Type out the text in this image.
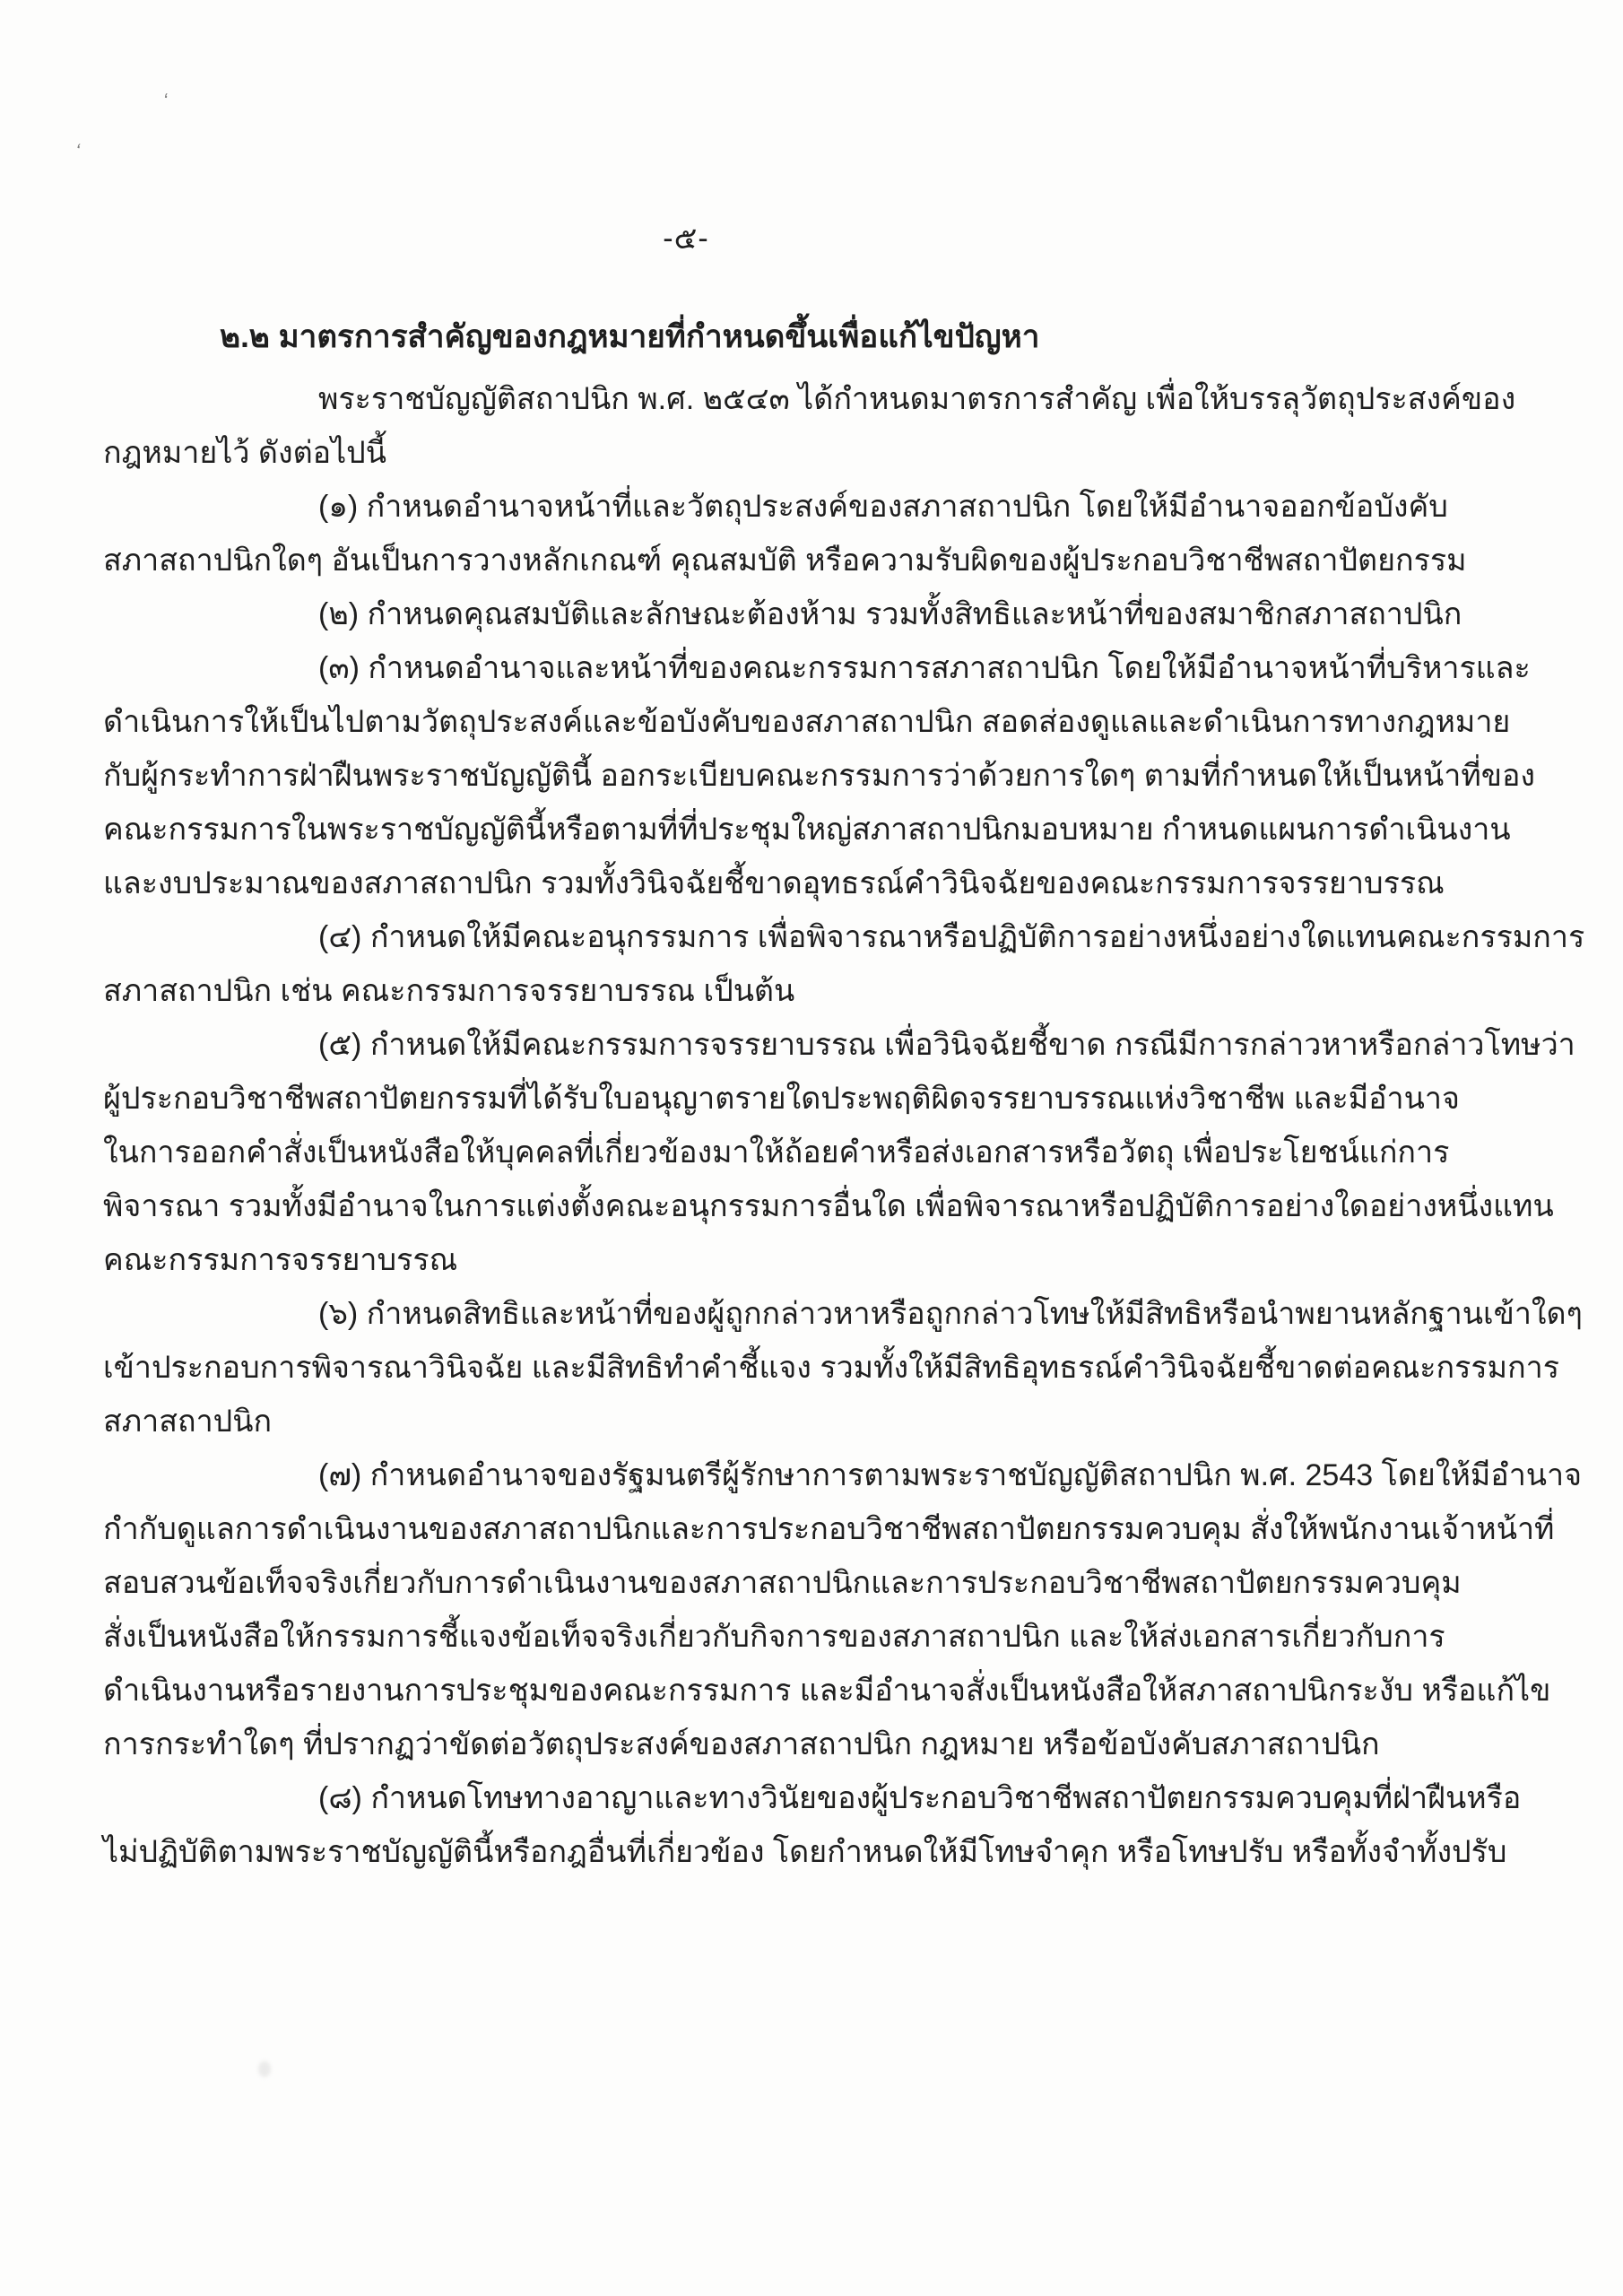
ʻ
ʻ
-๕-
๒.๒ มาตรการสำคัญของกฎหมายที่กำหนดขึ้นเพื่อแก้ไขปัญหา
พระราชบัญญัติสถาปนิก พ.ศ. ๒๕๔๓ ได้กำหนดมาตรการสำคัญ เพื่อให้บรรลุวัตถุประสงค์ของ
กฎหมายไว้ ดังต่อไปนี้
(๑) กำหนดอำนาจหน้าที่และวัตถุประสงค์ของสภาสถาปนิก โดยให้มีอำนาจออกข้อบังคับ
สภาสถาปนิกใดๆ อันเป็นการวางหลักเกณฑ์ คุณสมบัติ หรือความรับผิดของผู้ประกอบวิชาชีพสถาปัตยกรรม
(๒) กำหนดคุณสมบัติและลักษณะต้องห้าม รวมทั้งสิทธิและหน้าที่ของสมาชิกสภาสถาปนิก
(๓) กำหนดอำนาจและหน้าที่ของคณะกรรมการสภาสถาปนิก โดยให้มีอำนาจหน้าที่บริหารและ
ดำเนินการให้เป็นไปตามวัตถุประสงค์และข้อบังคับของสภาสถาปนิก สอดส่องดูแลและดำเนินการทางกฎหมาย
กับผู้กระทำการฝ่าฝืนพระราชบัญญัตินี้ ออกระเบียบคณะกรรมการว่าด้วยการใดๆ ตามที่กำหนดให้เป็นหน้าที่ของ
คณะกรรมการในพระราชบัญญัตินี้หรือตามที่ที่ประชุมใหญ่สภาสถาปนิกมอบหมาย กำหนดแผนการดำเนินงาน
และงบประมาณของสภาสถาปนิก รวมทั้งวินิจฉัยชี้ขาดอุทธรณ์คำวินิจฉัยของคณะกรรมการจรรยาบรรณ
(๔) กำหนดให้มีคณะอนุกรรมการ เพื่อพิจารณาหรือปฏิบัติการอย่างหนึ่งอย่างใดแทนคณะกรรมการ
สภาสถาปนิก เช่น คณะกรรมการจรรยาบรรณ เป็นต้น
(๕) กำหนดให้มีคณะกรรมการจรรยาบรรณ เพื่อวินิจฉัยชี้ขาด กรณีมีการกล่าวหาหรือกล่าวโทษว่า
ผู้ประกอบวิชาชีพสถาปัตยกรรมที่ได้รับใบอนุญาตรายใดประพฤติผิดจรรยาบรรณแห่งวิชาชีพ และมีอำนาจ
ในการออกคำสั่งเป็นหนังสือให้บุคคลที่เกี่ยวข้องมาให้ถ้อยคำหรือส่งเอกสารหรือวัตถุ เพื่อประโยชน์แก่การ
พิจารณา รวมทั้งมีอำนาจในการแต่งตั้งคณะอนุกรรมการอื่นใด เพื่อพิจารณาหรือปฏิบัติการอย่างใดอย่างหนึ่งแทน
คณะกรรมการจรรยาบรรณ
(๖) กำหนดสิทธิและหน้าที่ของผู้ถูกกล่าวหาหรือถูกกล่าวโทษให้มีสิทธิหรือนำพยานหลักฐานเข้าใดๆ
เข้าประกอบการพิจารณาวินิจฉัย และมีสิทธิทำคำชี้แจง รวมทั้งให้มีสิทธิอุทธรณ์คำวินิจฉัยชี้ขาดต่อคณะกรรมการ
สภาสถาปนิก
(๗) กำหนดอำนาจของรัฐมนตรีผู้รักษาการตามพระราชบัญญัติสถาปนิก พ.ศ. 2543 โดยให้มีอำนาจ
กำกับดูแลการดำเนินงานของสภาสถาปนิกและการประกอบวิชาชีพสถาปัตยกรรมควบคุม สั่งให้พนักงานเจ้าหน้าที่
สอบสวนข้อเท็จจริงเกี่ยวกับการดำเนินงานของสภาสถาปนิกและการประกอบวิชาชีพสถาปัตยกรรมควบคุม
สั่งเป็นหนังสือให้กรรมการชี้แจงข้อเท็จจริงเกี่ยวกับกิจการของสภาสถาปนิก และให้ส่งเอกสารเกี่ยวกับการ
ดำเนินงานหรือรายงานการประชุมของคณะกรรมการ และมีอำนาจสั่งเป็นหนังสือให้สภาสถาปนิกระงับ หรือแก้ไข
การกระทำใดๆ ที่ปรากฏว่าขัดต่อวัตถุประสงค์ของสภาสถาปนิก กฎหมาย หรือข้อบังคับสภาสถาปนิก
(๘) กำหนดโทษทางอาญาและทางวินัยของผู้ประกอบวิชาชีพสถาปัตยกรรมควบคุมที่ฝ่าฝืนหรือ
ไม่ปฏิบัติตามพระราชบัญญัตินี้หรือกฎอื่นที่เกี่ยวข้อง โดยกำหนดให้มีโทษจำคุก หรือโทษปรับ หรือทั้งจำทั้งปรับ
